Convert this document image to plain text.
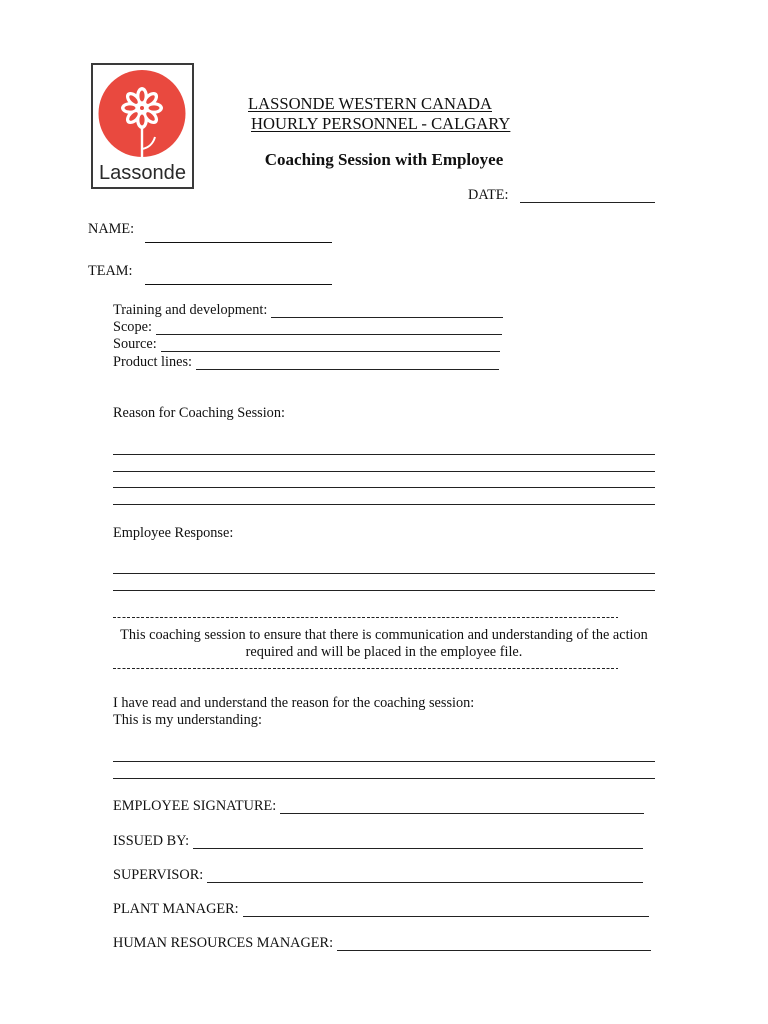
Lassonde
LASSONDE WESTERN CANADA
HOURLY PERSONNEL - CALGARY
Coaching Session with Employee
DATE:
NAME:
TEAM:
Training and development:
Scope:
Source:
Product lines:
Reason for Coaching Session:
Employee Response:
This coaching session to ensure that there is communication and understanding of the action
required and will be placed in the employee file.
I have read and understand the reason for the coaching session:
This is my understanding:
EMPLOYEE SIGNATURE:
ISSUED BY:
SUPERVISOR:
PLANT MANAGER:
HUMAN RESOURCES MANAGER:
